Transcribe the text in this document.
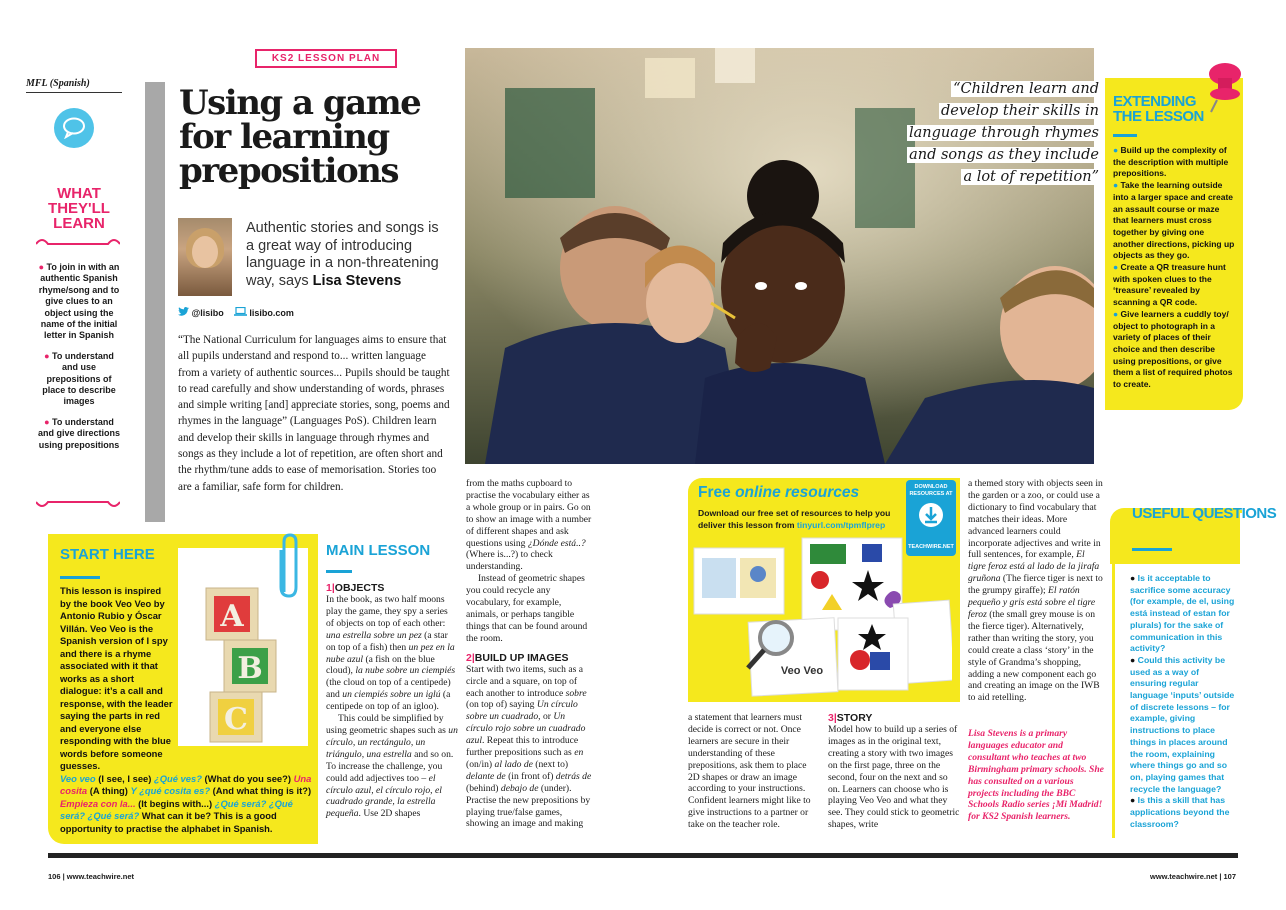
MFL (Spanish)
WHAT THEY'LL LEARN
● To join in with an authentic Spanish rhyme/song and to give clues to an object using the name of the initial letter in Spanish
● To understand and use prepositions of place to describe images
● To understand and give directions using prepositions
KS2 LESSON PLAN
Using a game for learning prepositions
Authentic stories and songs is a great way of introducing language in a non-threatening way, says Lisa Stevens
@lisibo	lisibo.com
“The National Curriculum for languages aims to ensure that all pupils understand and respond to... written language from a variety of authentic sources... Pupils should be taught to read carefully and show understanding of words, phrases and simple writing [and] appreciate stories, song, poems and rhymes in the language” (Languages PoS). Children learn and develop their skills in language through rhymes and songs as they include a lot of repetition, are often short and the rhythm/tune adds to ease of memorisation. Stories too are a familiar, safe form for children.
“Children learn and
develop their skills in
language through rhymes
and songs as they include
a lot of repetition”
EXTENDING THE LESSON
● Build up the complexity of the description with multiple prepositions.
● Take the learning outside into a larger space and create an assault course or maze that learners must cross together by giving one another directions, picking up objects as they go.
● Create a QR treasure hunt with spoken clues to the ‘treasure’ revealed by scanning a QR code.
● Give learners a cuddly toy/ object to photograph in a variety of places of their choice and then describe using prepositions, or give them a list of required photos to create.
A
B
C
START HERE
This lesson is inspired by the book Veo Veo by Antonio Rubio y Óscar Villán. Veo Veo is the Spanish version of I spy and there is a rhyme associated with it that works as a short dialogue: it’s a call and response, with the leader saying the parts in red and everyone else responding with the blue words before someone guesses.
Veo veo (I see, I see) ¿Qué ves? (What do you see?) Una cosita (A thing) Y ¿qué cosita es? (And what thing is it?) Empieza con la... (It begins with...) ¿Qué será? ¿Qué será? ¿Qué será? What can it be? This is a good opportunity to practise the alphabet in Spanish.
MAIN LESSON
1|OBJECTS
In the book, as two half moons play the game, they spy a series of objects on top of each other: una estrella sobre un pez (a star on top of a fish) then un pez en la nube azul (a fish on the blue cloud), la nube sobre un ciempiés (the cloud on top of a centipede) and un ciempiés sobre un iglú (a centipede on top of an igloo).
This could be simplified by using geometric shapes such as un círculo, un rectángulo, un triángulo, una estrella and so on. To increase the challenge, you could add adjectives too – el círculo azul, el círculo rojo, el cuadrado grande, la estrella pequeña. Use 2D shapes
from the maths cupboard to practise the vocabulary either as a whole group or in pairs. Go on to show an image with a number of different shapes and ask questions using ¿Dónde está..? (Where is...?) to check understanding.
Instead of geometric shapes you could recycle any vocabulary, for example, animals, or perhaps tangible things that can be found around the room.
2|BUILD UP IMAGES
Start with two items, such as a circle and a square, on top of each another to introduce sobre (on top of) saying Un círculo sobre un cuadrado, or Un círculo rojo sobre un cuadrado azul. Repeat this to introduce further prepositions such as en (on/in) al lado de (next to) delante de (in front of) detrás de (behind) debajo de (under). Practise the new prepositions by playing true/false games, showing an image and making
Free online resources
Download our free set of resources to help you deliver this lesson from tinyurl.com/tpmflprep
DOWNLOAD RESOURCES AT
TEACHWIRE.NET
Veo Veo
a statement that learners must decide is correct or not. Once learners are secure in their understanding of these prepositions, ask them to place 2D shapes or draw an image according to your instructions. Confident learners might like to give instructions to a partner or take on the teacher role.
3|STORY
Model how to build up a series of images as in the original text, creating a story with two images on the first page, three on the second, four on the next and so on. Learners can choose who is playing Veo Veo and what they see. They could stick to geometric shapes, write
a themed story with objects seen in the garden or a zoo, or could use a dictionary to find vocabulary that matches their ideas. More advanced learners could incorporate adjectives and write in full sentences, for example, El tigre feroz está al lado de la jirafa gruñona (The fierce tiger is next to the grumpy giraffe); El ratón pequeño y gris está sobre el tigre feroz (the small grey mouse is on the fierce tiger). Alternatively, rather than writing the story, you could create a class ‘story’ in the style of Grandma’s shopping, adding a new component each go and creating an image on the IWB to aid retelling.
Lisa Stevens is a primary languages educator and consultant who teaches at two Birmingham primary schools. She has consulted on a various projects including the BBC Schools Radio series ¡Mi Madrid! for KS2 Spanish learners.
USEFUL QUESTIONS
● Is it acceptable to sacrifice some accuracy (for example, de el, using está instead of estan for plurals) for the sake of communication in this activity?
● Could this activity be used as a way of ensuring regular language ‘inputs’ outside of discrete lessons – for example, giving instructions to place things in places around the room, explaining where things go and so on, playing games that recycle the language?
● Is this a skill that has applications beyond the classroom?
106 | www.teachwire.net	www.teachwire.net | 107
